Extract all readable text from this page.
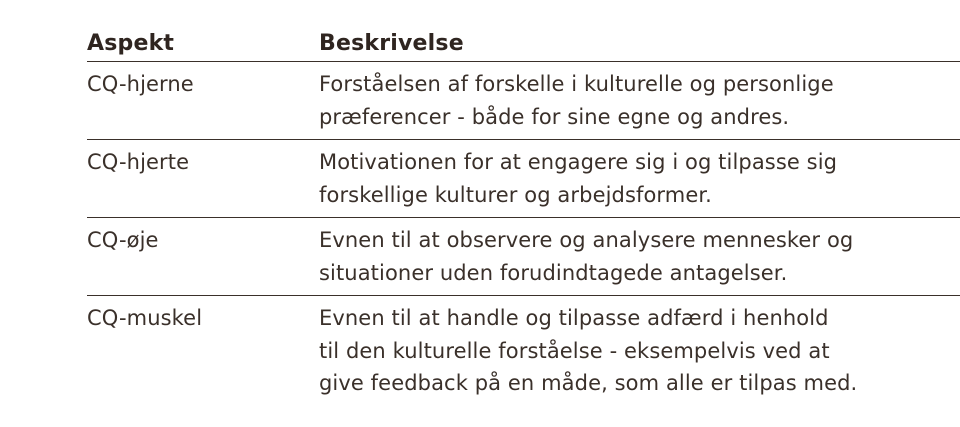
Aspekt	Beskrivelse
CQ-hjerne	Forståelsen af forskelle i kulturelle og personlige
præferencer - både for sine egne og andres.
CQ-hjerte	Motivationen for at engagere sig i og tilpasse sig
forskellige kulturer og arbejdsformer.
CQ-øje	Evnen til at observere og analysere mennesker og
situationer uden forudindtagede antagelser.
CQ-muskel	Evnen til at handle og tilpasse adfærd i henhold
til den kulturelle forståelse - eksempelvis ved at
give feedback på en måde, som alle er tilpas med.
